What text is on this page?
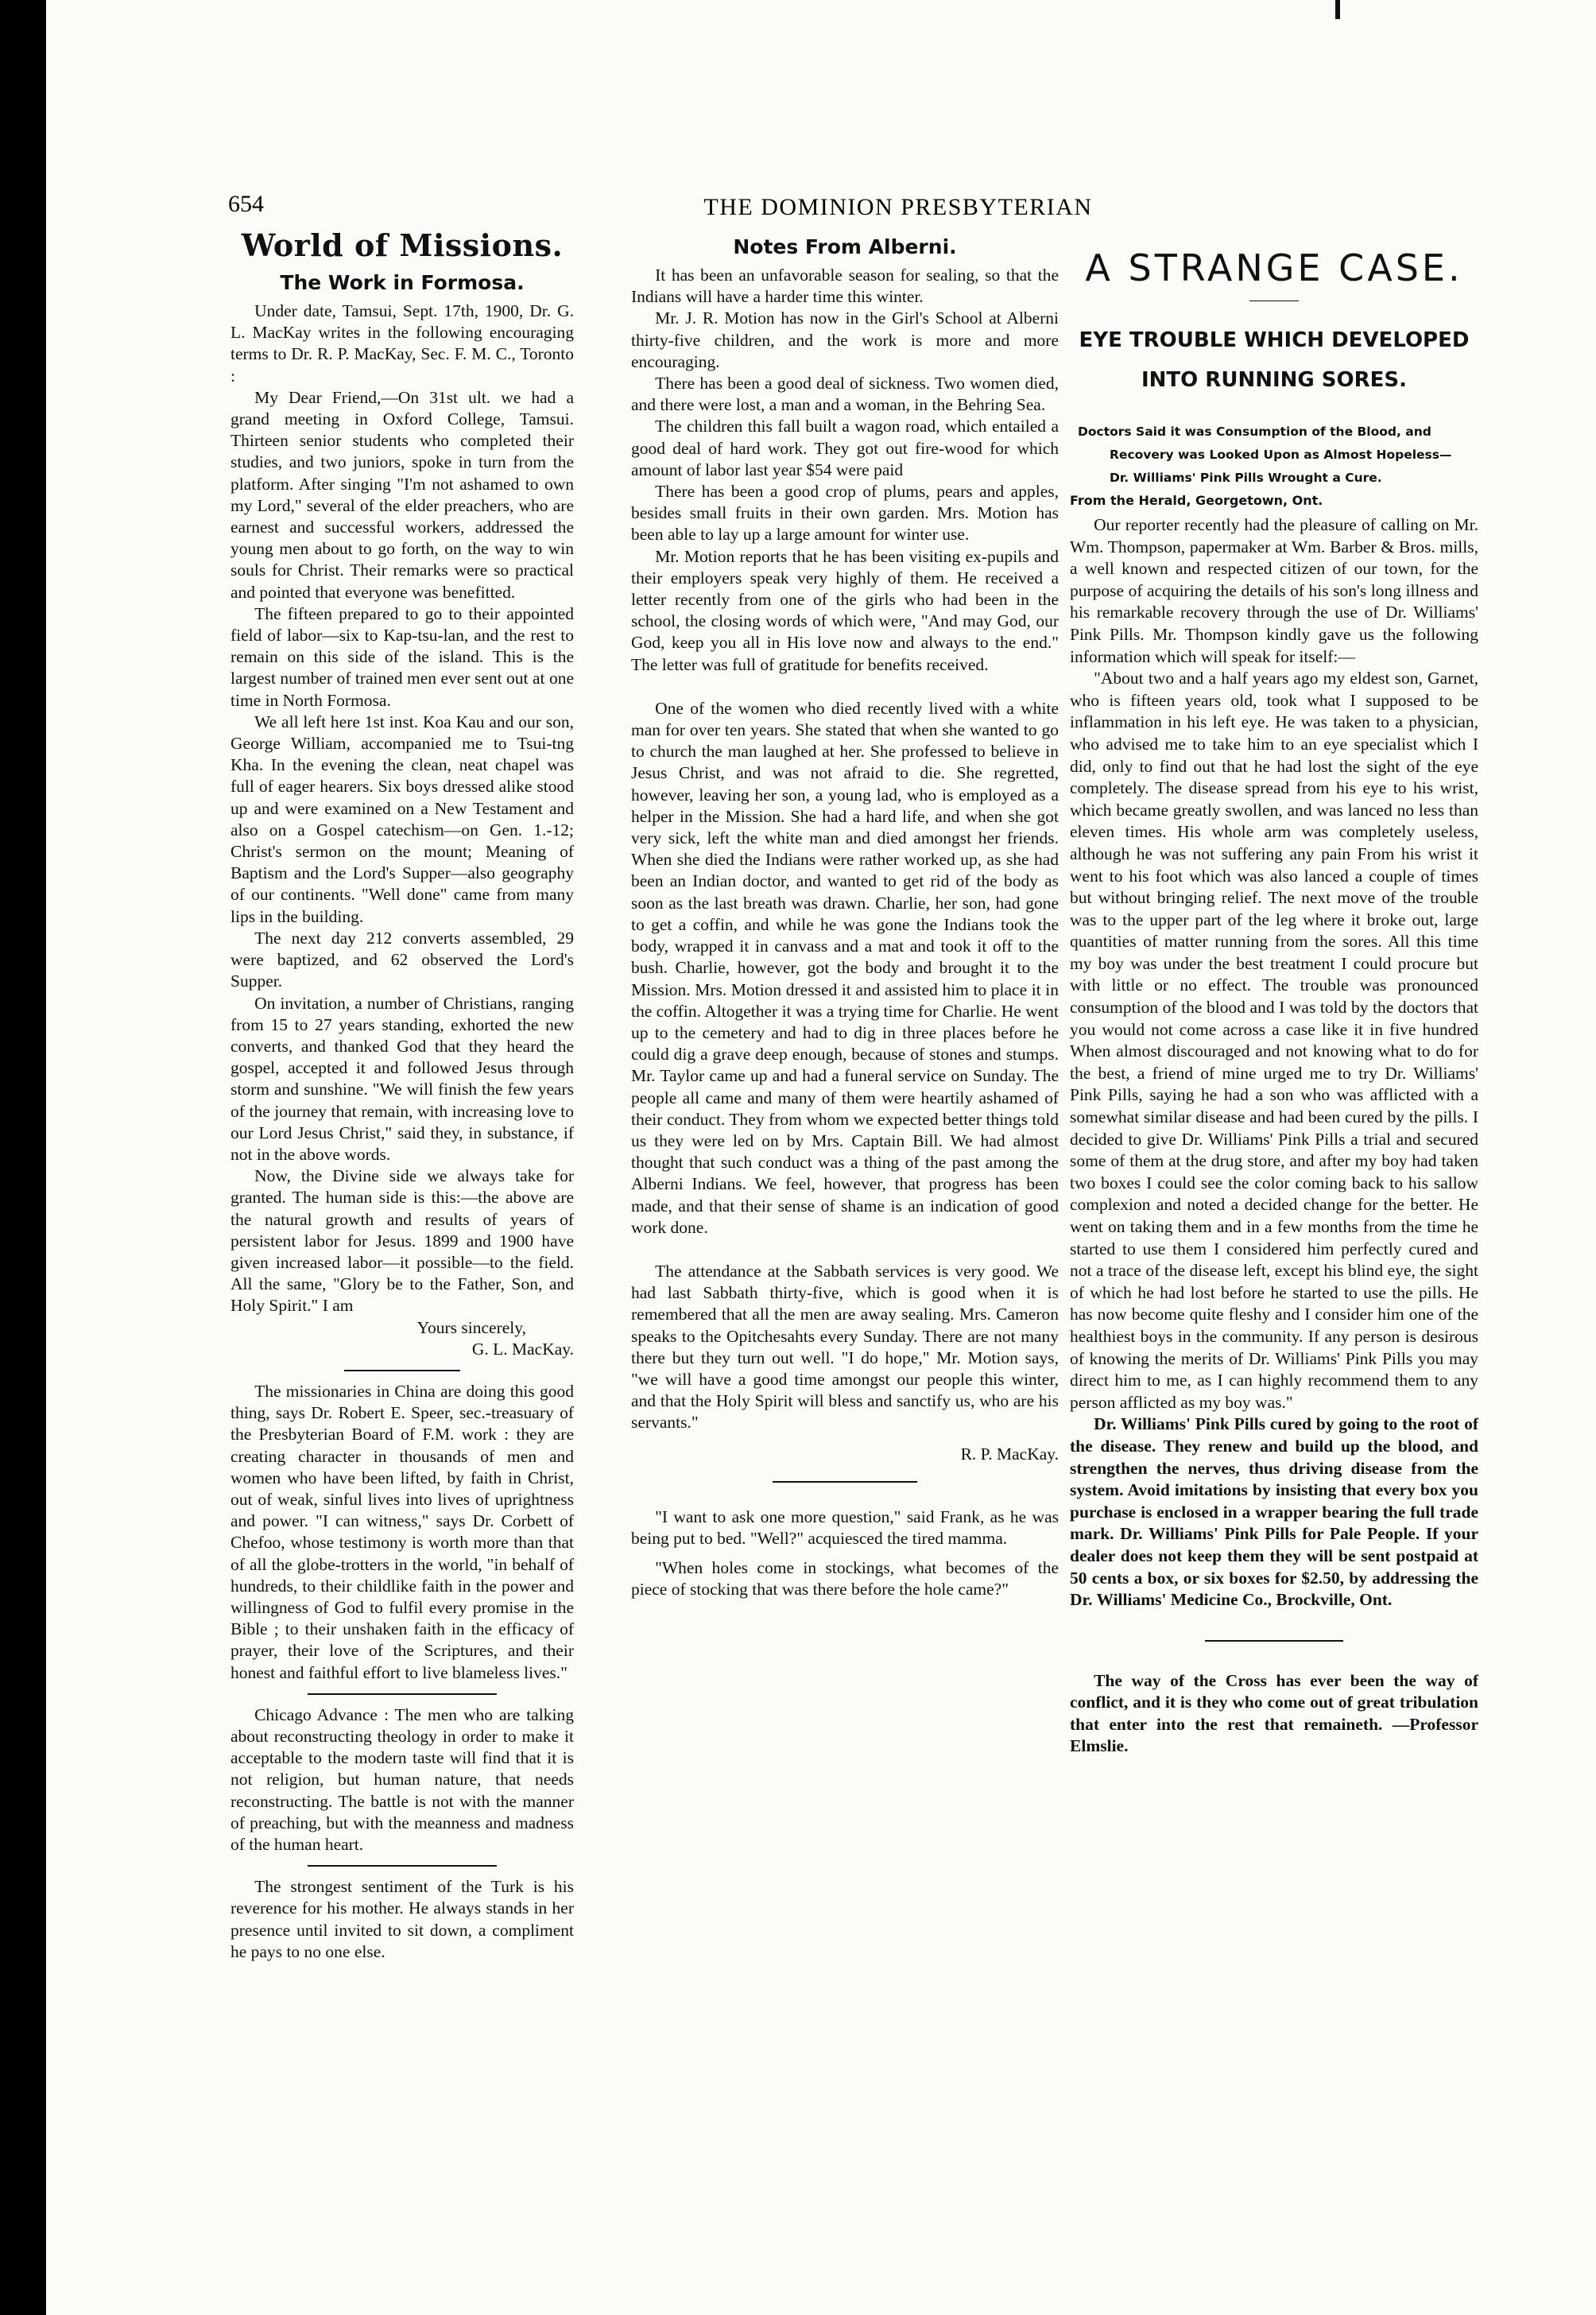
654	THE DOMINION PRESBYTERIAN
World of Missions.
The Work in Formosa.

Under date, Tamsui, Sept. 17th, 1900, Dr. G. L. MacKay writes in the following encouraging terms to Dr. R. P. MacKay, Sec. F. M. C., Toronto :

My Dear Friend,—On 31st ult. we had a grand meeting in Oxford College, Tamsui. Thirteen senior students who completed their studies, and two juniors, spoke in turn from the platform. After singing "I'm not ashamed to own my Lord," several of the elder preachers, who are earnest and successful workers, addressed the young men about to go forth, on the way to win souls for Christ. Their remarks were so practical and pointed that everyone was benefitted.

The fifteen prepared to go to their appointed field of labor—six to Kap-tsu-lan, and the rest to remain on this side of the island. This is the largest number of trained men ever sent out at one time in North Formosa.

We all left here 1st inst. Koa Kau and our son, George William, accompanied me to Tsui-tng Kha. In the evening the clean, neat chapel was full of eager hearers. Six boys dressed alike stood up and were examined on a New Testament and also on a Gospel catechism—on Gen. 1.-12; Christ's sermon on the mount; Meaning of Baptism and the Lord's Supper—also geography of our continents. "Well done" came from many lips in the building.

The next day 212 converts assembled, 29 were baptized, and 62 observed the Lord's Supper.

On invitation, a number of Christians, ranging from 15 to 27 years standing, exhorted the new converts, and thanked God that they heard the gospel, accepted it and followed Jesus through storm and sunshine. "We will finish the few years of the journey that remain, with increasing love to our Lord Jesus Christ," said they, in substance, if not in the above words.

Now, the Divine side we always take for granted. The human side is this:—the above are the natural growth and results of years of persistent labor for Jesus. 1899 and 1900 have given increased labor—it possible—to the field. All the same, "Glory be to the Father, Son, and Holy Spirit." I am

Yours sincerely,
G. L. MacKay.

The missionaries in China are doing this good thing, says Dr. Robert E. Speer, sec.-treasuary of the Presbyterian Board of F.M. work : they are creating character in thousands of men and women who have been lifted, by faith in Christ, out of weak, sinful lives into lives of uprightness and power. "I can witness," says Dr. Corbett of Chefoo, whose testimony is worth more than that of all the globe-trotters in the world, "in behalf of hundreds, to their childlike faith in the power and willingness of God to fulfil every promise in the Bible ; to their unshaken faith in the efficacy of prayer, their love of the Scriptures, and their honest and faithful effort to live blameless lives."

Chicago Advance : The men who are talking about reconstructing theology in order to make it acceptable to the modern taste will find that it is not religion, but human nature, that needs reconstructing. The battle is not with the manner of preaching, but with the meanness and madness of the human heart.

The strongest sentiment of the Turk is his reverence for his mother. He always stands in her presence until invited to sit down, a compliment he pays to no one else.

Notes From Alberni.

It has been an unfavorable season for sealing, so that the Indians will have a harder time this winter.

Mr. J. R. Motion has now in the Girl's School at Alberni thirty-five children, and the work is more and more encouraging.

There has been a good deal of sickness. Two women died, and there were lost, a man and a woman, in the Behring Sea.

The children this fall built a wagon road, which entailed a good deal of hard work. They got out fire-wood for which amount of labor last year $54 were paid

There has been a good crop of plums, pears and apples, besides small fruits in their own garden. Mrs. Motion has been able to lay up a large amount for winter use.

Mr. Motion reports that he has been visiting ex-pupils and their employers speak very highly of them. He received a letter recently from one of the girls who had been in the school, the closing words of which were, "And may God, our God, keep you all in His love now and always to the end." The letter was full of gratitude for benefits received.

One of the women who died recently lived with a white man for over ten years. She stated that when she wanted to go to church the man laughed at her. She professed to believe in Jesus Christ, and was not afraid to die. She regretted, however, leaving her son, a young lad, who is employed as a helper in the Mission. She had a hard life, and when she got very sick, left the white man and died amongst her friends. When she died the Indians were rather worked up, as she had been an Indian doctor, and wanted to get rid of the body as soon as the last breath was drawn. Charlie, her son, had gone to get a coffin, and while he was gone the Indians took the body, wrapped it in canvass and a mat and took it off to the bush. Charlie, however, got the body and brought it to the Mission. Mrs. Motion dressed it and assisted him to place it in the coffin. Altogether it was a trying time for Charlie. He went up to the cemetery and had to dig in three places before he could dig a grave deep enough, because of stones and stumps. Mr. Taylor came up and had a funeral service on Sunday. The people all came and many of them were heartily ashamed of their conduct. They from whom we expected better things told us they were led on by Mrs. Captain Bill. We had almost thought that such conduct was a thing of the past among the Alberni Indians. We feel, however, that progress has been made, and that their sense of shame is an indication of good work done.

The attendance at the Sabbath services is very good. We had last Sabbath thirty-five, which is good when it is remembered that all the men are away sealing. Mrs. Cameron speaks to the Opitchesahts every Sunday. There are not many there but they turn out well. "I do hope," Mr. Motion says, "we will have a good time amongst our people this winter, and that the Holy Spirit will bless and sanctify us, who are his servants."

R. P. MacKay.

"I want to ask one more question," said Frank, as he was being put to bed. "Well?" acquiesced the tired mamma.

"When holes come in stockings, what becomes of the piece of stocking that was there before the hole came?"

A STRANGE CASE.
EYE TROUBLE WHICH DEVELOPED
INTO RUNNING SORES.
Doctors Said it was Consumption of the Blood, and
Recovery was Looked Upon as Almost Hopeless—
Dr. Williams' Pink Pills Wrought a Cure.
From the Herald, Georgetown, Ont.

Our reporter recently had the pleasure of calling on Mr. Wm. Thompson, papermaker at Wm. Barber & Bros. mills, a well known and respected citizen of our town, for the purpose of acquiring the details of his son's long illness and his remarkable recovery through the use of Dr. Williams' Pink Pills. Mr. Thompson kindly gave us the following information which will speak for itself:—

"About two and a half years ago my eldest son, Garnet, who is fifteen years old, took what I supposed to be inflammation in his left eye. He was taken to a physician, who advised me to take him to an eye specialist which I did, only to find out that he had lost the sight of the eye completely. The disease spread from his eye to his wrist, which became greatly swollen, and was lanced no less than eleven times. His whole arm was completely useless, although he was not suffering any pain From his wrist it went to his foot which was also lanced a couple of times but without bringing relief. The next move of the trouble was to the upper part of the leg where it broke out, large quantities of matter running from the sores. All this time my boy was under the best treatment I could procure but with little or no effect. The trouble was pronounced consumption of the blood and I was told by the doctors that you would not come across a case like it in five hundred When almost discouraged and not knowing what to do for the best, a friend of mine urged me to try Dr. Williams' Pink Pills, saying he had a son who was afflicted with a somewhat similar disease and had been cured by the pills. I decided to give Dr. Williams' Pink Pills a trial and secured some of them at the drug store, and after my boy had taken two boxes I could see the color coming back to his sallow complexion and noted a decided change for the better. He went on taking them and in a few months from the time he started to use them I considered him perfectly cured and not a trace of the disease left, except his blind eye, the sight of which he had lost before he started to use the pills. He has now become quite fleshy and I consider him one of the healthiest boys in the community. If any person is desirous of knowing the merits of Dr. Williams' Pink Pills you may direct him to me, as I can highly recommend them to any person afflicted as my boy was."

Dr. Williams' Pink Pills cured by going to the root of the disease. They renew and build up the blood, and strengthen the nerves, thus driving disease from the system. Avoid imitations by insisting that every box you purchase is enclosed in a wrapper bearing the full trade mark. Dr. Williams' Pink Pills for Pale People. If your dealer does not keep them they will be sent postpaid at 50 cents a box, or six boxes for $2.50, by addressing the Dr. Williams' Medicine Co., Brockville, Ont.

The way of the Cross has ever been the way of conflict, and it is they who come out of great tribulation that enter into the rest that remaineth. —Professor Elmslie.
